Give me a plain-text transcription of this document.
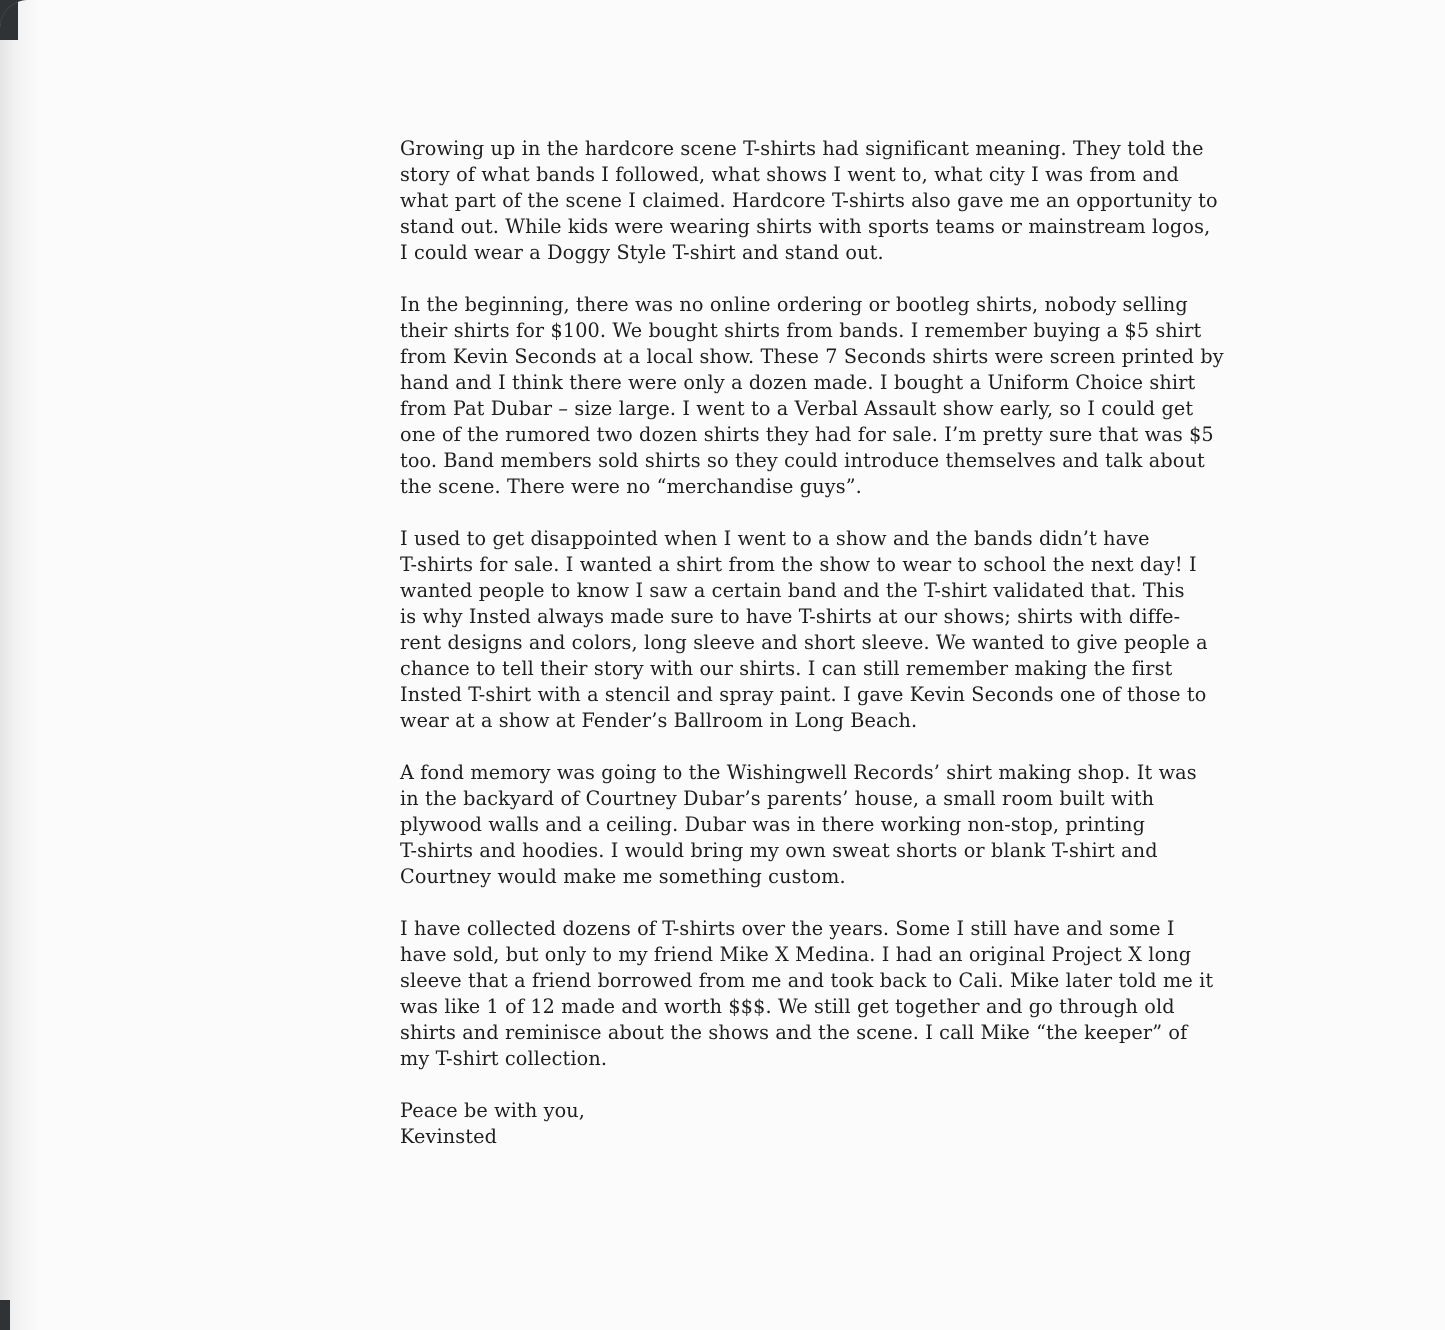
Growing up in the hardcore scene T-shirts had significant meaning. They told the
story of what bands I followed, what shows I went to, what city I was from and
what part of the scene I claimed. Hardcore T-shirts also gave me an opportunity to
stand out. While kids were wearing shirts with sports teams or mainstream logos,
I could wear a Doggy Style T-shirt and stand out.

In the beginning, there was no online ordering or bootleg shirts, nobody selling
their shirts for $100. We bought shirts from bands. I remember buying a $5 shirt
from Kevin Seconds at a local show. These 7 Seconds shirts were screen printed by
hand and I think there were only a dozen made. I bought a Uniform Choice shirt
from Pat Dubar – size large. I went to a Verbal Assault show early, so I could get
one of the rumored two dozen shirts they had for sale. I’m pretty sure that was $5
too. Band members sold shirts so they could introduce themselves and talk about
the scene. There were no “merchandise guys”.

I used to get disappointed when I went to a show and the bands didn’t have
T-shirts for sale. I wanted a shirt from the show to wear to school the next day! I
wanted people to know I saw a certain band and the T-shirt validated that. This
is why Insted always made sure to have T-shirts at our shows; shirts with diffe-
rent designs and colors, long sleeve and short sleeve. We wanted to give people a
chance to tell their story with our shirts. I can still remember making the first
Insted T-shirt with a stencil and spray paint. I gave Kevin Seconds one of those to
wear at a show at Fender’s Ballroom in Long Beach.

A fond memory was going to the Wishingwell Records’ shirt making shop. It was
in the backyard of Courtney Dubar’s parents’ house, a small room built with
plywood walls and a ceiling. Dubar was in there working non-stop, printing
T-shirts and hoodies. I would bring my own sweat shorts or blank T-shirt and
Courtney would make me something custom.

I have collected dozens of T-shirts over the years. Some I still have and some I
have sold, but only to my friend Mike X Medina. I had an original Project X long
sleeve that a friend borrowed from me and took back to Cali. Mike later told me it
was like 1 of 12 made and worth $$$. We still get together and go through old
shirts and reminisce about the shows and the scene. I call Mike “the keeper” of
my T-shirt collection.

Peace be with you,
Kevinsted
